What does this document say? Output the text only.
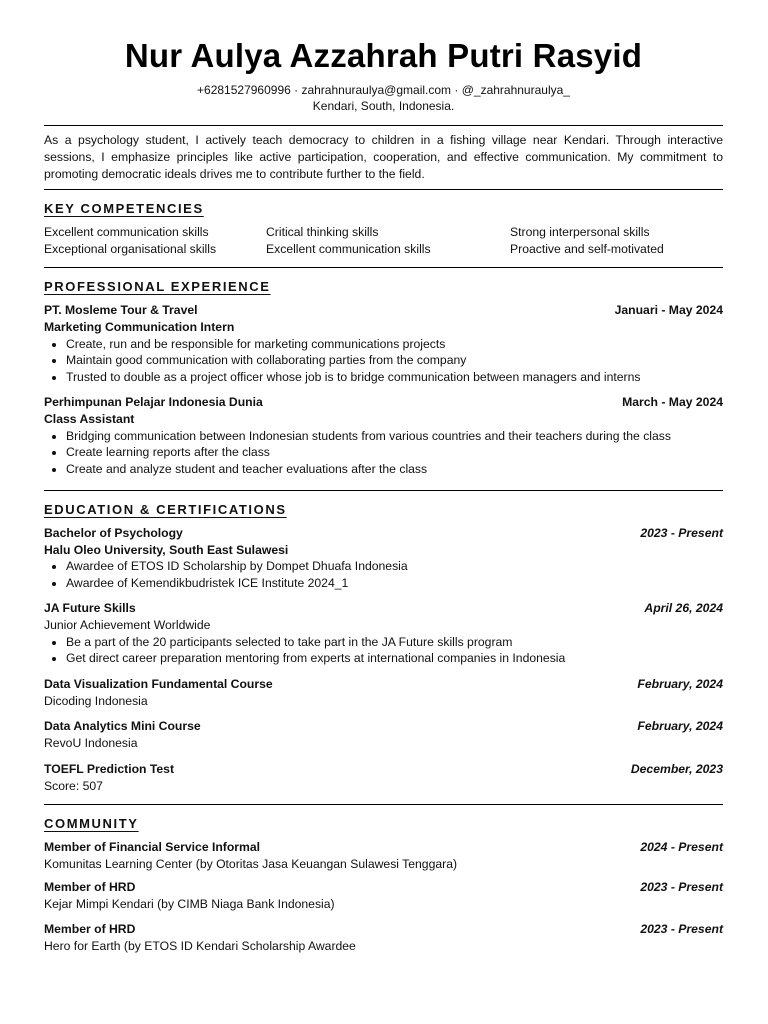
Nur Aulya Azzahrah Putri Rasyid
+6281527960996 · zahrahnuraulya@gmail.com · @_zahrahnuraulya_
Kendari, South, Indonesia.

As a psychology student, I actively teach democracy to children in a fishing village near Kendari. Through interactive sessions, I emphasize principles like active participation, cooperation, and effective communication. My commitment to promoting democratic ideals drives me to contribute further to the field.

KEY COMPETENCIES
Excellent communication skills	Critical thinking skills	Strong interpersonal skills
Exceptional organisational skills	Excellent communication skills	Proactive and self-motivated
PROFESSIONAL EXPERIENCE
PT. Mosleme Tour & Travel	Januari - May 2024
Marketing Communication Intern
• Create, run and be responsible for marketing communications projects
• Maintain good communication with collaborating parties from the company
• Trusted to double as a project officer whose job is to bridge communication between managers and interns
Perhimpunan Pelajar Indonesia Dunia	March - May 2024
Class Assistant
• Bridging communication between Indonesian students from various countries and their teachers during the class
• Create learning reports after the class
• Create and analyze student and teacher evaluations after the class
EDUCATION & CERTIFICATIONS
Bachelor of Psychology	2023 - Present
Halu Oleo University, South East Sulawesi
• Awardee of ETOS ID Scholarship by Dompet Dhuafa Indonesia
• Awardee of Kemendikbudristek ICE Institute 2024_1
JA Future Skills	April 26, 2024
Junior Achievement Worldwide
• Be a part of the 20 participants selected to take part in the JA Future skills program
• Get direct career preparation mentoring from experts at international companies in Indonesia
Data Visualization Fundamental Course	February, 2024
Dicoding Indonesia
Data Analytics Mini Course	February, 2024
RevoU Indonesia
TOEFL Prediction Test	December, 2023
Score: 507
COMMUNITY
Member of Financial Service Informal	2024 - Present
Komunitas Learning Center (by Otoritas Jasa Keuangan Sulawesi Tenggara)
Member of HRD	2023 - Present
Kejar Mimpi Kendari (by CIMB Niaga Bank Indonesia)
Member of HRD	2023 - Present
Hero for Earth (by ETOS ID Kendari Scholarship Awardee
